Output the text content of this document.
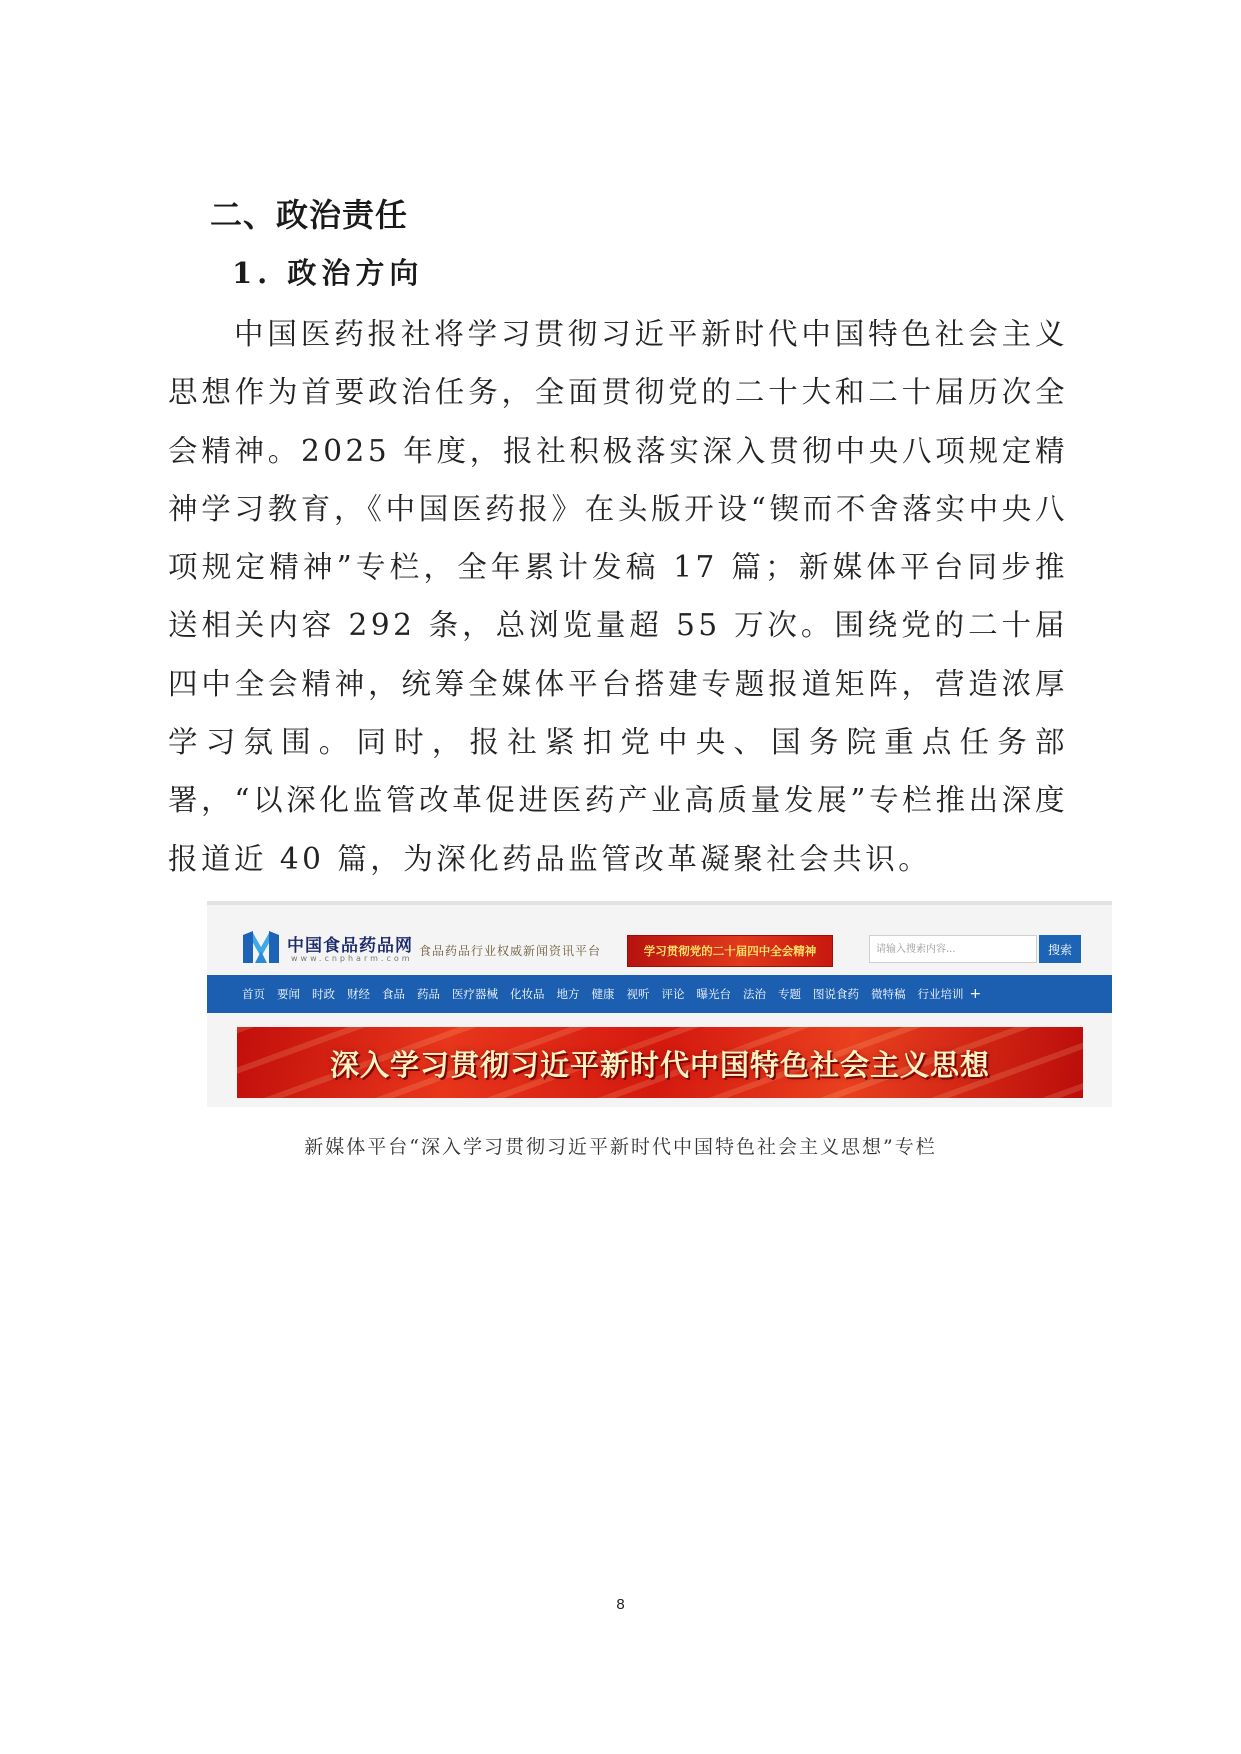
二、政治责任
1. 政治方向

中国医药报社将学习贯彻习近平新时代中国特色社会主义思想作为首要政治任务，全面贯彻党的二十大和二十届历次全会精神。2025 年度，报社积极落实深入贯彻中央八项规定精神学习教育，《中国医药报》在头版开设“锲而不舍落实中央八项规定精神”专栏，全年累计发稿 17 篇；新媒体平台同步推送相关内容 292 条，总浏览量超 55 万次。围绕党的二十届四中全会精神，统筹全媒体平台搭建专题报道矩阵，营造浓厚学习氛围。同时，报社紧扣党中央、国务院重点任务部署，“以深化监管改革促进医药产业高质量发展”专栏推出深度报道近 40 篇，为深化药品监管改革凝聚社会共识。

中国食品药品网
www.cnpharm.com
食品药品行业权威新闻资讯平台	学习贯彻党的二十届四中全会精神
请输入搜索内容...	搜索
首页 要闻 时政 财经 食品 药品 医疗器械 化妆品 地方 健康 视听 评论 曝光台 法治 专题 图说食药 微特稿 行业培训 +
深入学习贯彻习近平新时代中国特色社会主义思想

新媒体平台“深入学习贯彻习近平新时代中国特色社会主义思想”专栏

8
